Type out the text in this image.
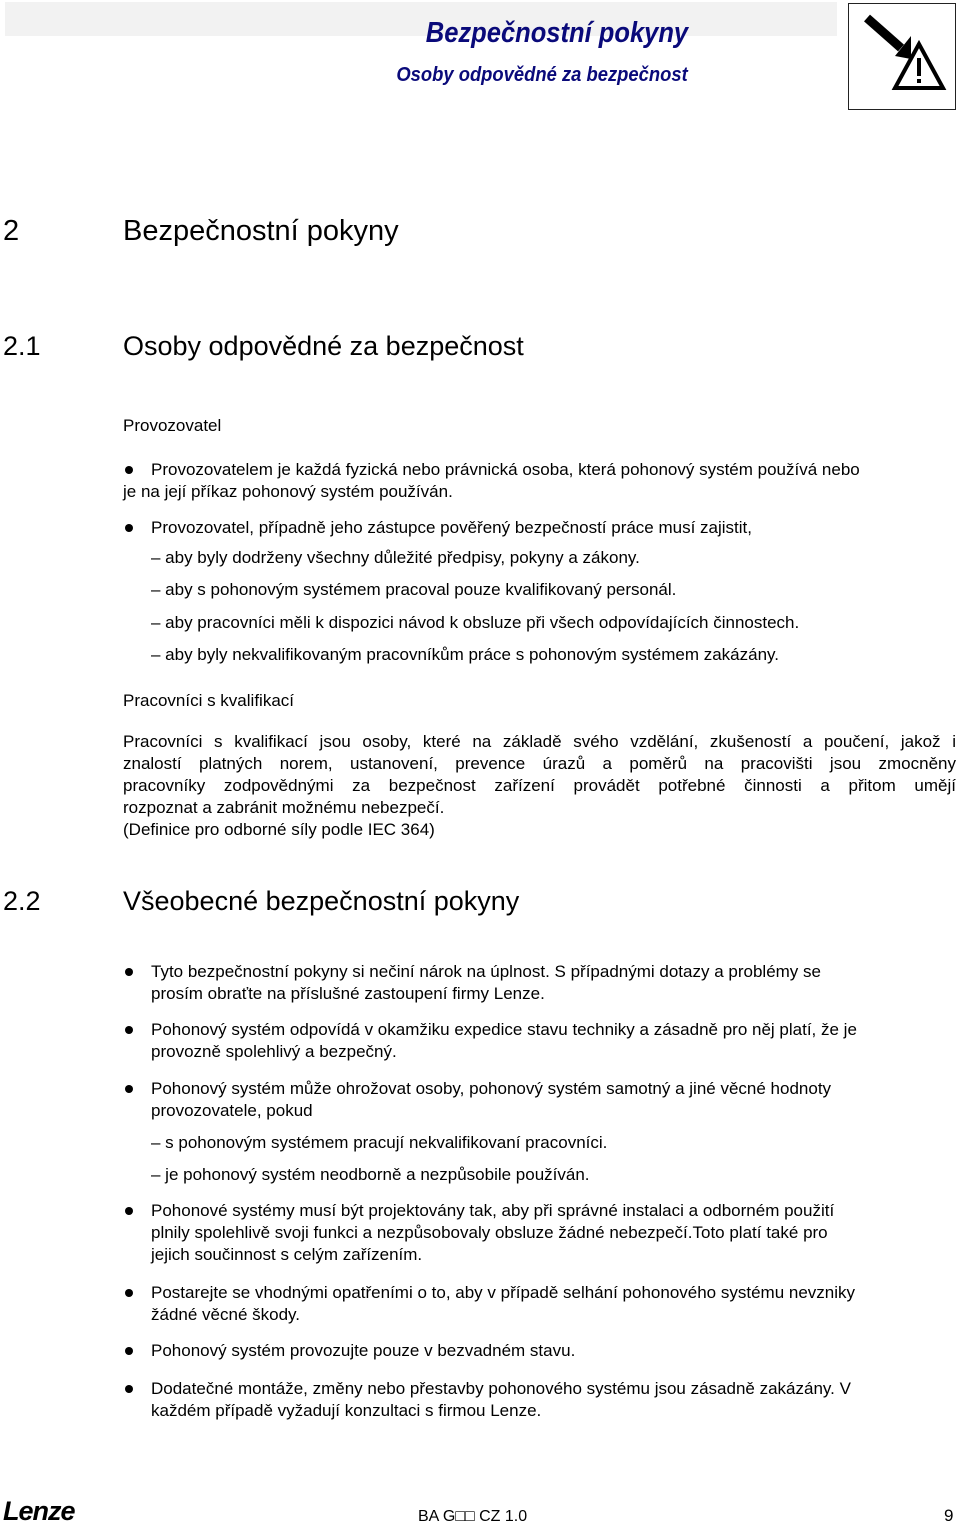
Bezpečnostní pokyny
Osoby odpovědné za bezpečnost
2	Bezpečnostní pokyny
2.1	Osoby odpovědné za bezpečnost
Provozovatel
Provozovatelem je každá fyzická nebo právnická osoba, která pohonový systém používá nebo
je na její příkaz pohonový systém používán.
Provozovatel, případně jeho zástupce pověřený bezpečností práce musí zajistit,
– aby byly dodrženy všechny důležité předpisy, pokyny a zákony.
– aby s pohonovým systémem pracoval pouze kvalifikovaný personál.
– aby pracovníci měli k dispozici návod k obsluze při všech odpovídajících činnostech.
– aby byly nekvalifikovaným pracovníkům práce s pohonovým systémem zakázány.
Pracovníci s kvalifikací
Pracovníci s kvalifikací jsou osoby, které na základě svého vzdělání, zkušeností a poučení, jakož i
znalostí platných norem, ustanovení, prevence úrazů a poměrů na pracovišti jsou zmocněny
pracovníky zodpovědnými za bezpečnost zařízení provádět potřebné činnosti a přitom umějí
rozpoznat a zabránit možnému nebezpečí.
(Definice pro odborné síly podle IEC 364)
2.2	Všeobecné bezpečnostní pokyny
Tyto bezpečnostní pokyny si nečiní nárok na úplnost. S případnými dotazy a problémy se
prosím obraťte na příslušné zastoupení firmy Lenze.
Pohonový systém odpovídá v okamžiku expedice stavu techniky a zásadně pro něj platí, že je
provozně spolehlivý a bezpečný.
Pohonový systém může ohrožovat osoby, pohonový systém samotný a jiné věcné hodnoty
provozovatele, pokud
– s pohonovým systémem pracují nekvalifikovaní pracovníci.
– je pohonový systém neodborně a nezpůsobile používán.
Pohonové systémy musí být projektovány tak, aby při správné instalaci a odborném použití
plnily spolehlivě svoji funkci a nezpůsobovaly obsluze žádné nebezpečí.Toto platí také pro
jejich součinnost s celým zařízením.
Postarejte se vhodnými opatřeními o to, aby v případě selhání pohonového systému nevzniky
žádné věcné škody.
Pohonový systém provozujte pouze v bezvadném stavu.
Dodatečné montáže, změny nebo přestavby pohonového systému jsou zásadně zakázány. V
každém případě vyžadují konzultaci s firmou Lenze.
Lenze	BA G□□ CZ 1.0	9
